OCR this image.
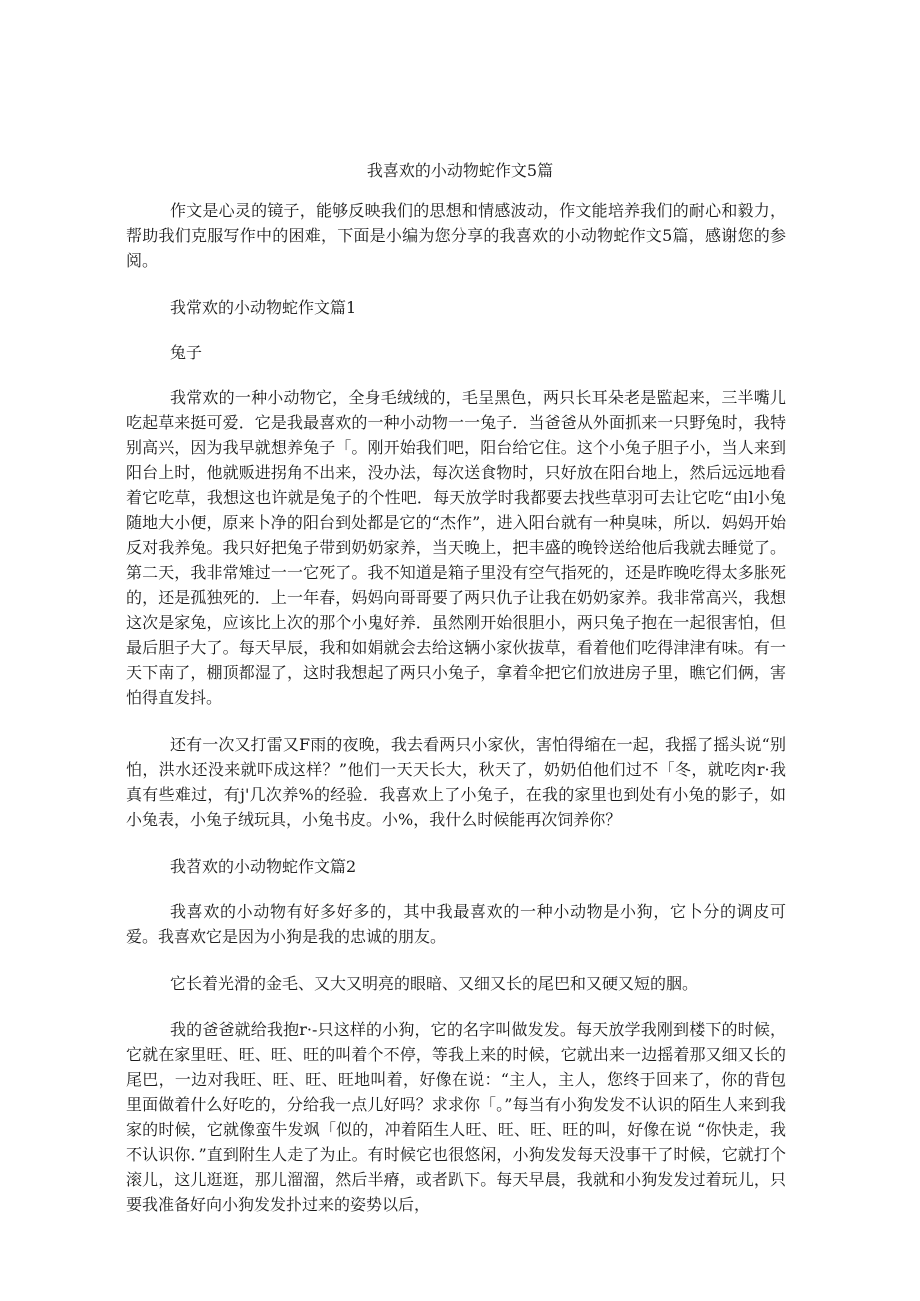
我喜欢的小动物蛇作文5篇

作文是心灵的镜子，能够反映我们的思想和情感波动，作文能培养我们的耐心和毅力，帮助我们克服写作中的困难，下面是小编为您分享的我喜欢的小动物蛇作文5篇，感谢您的参阅。

我常欢的小动物蛇作文篇1

兔子

我常欢的一种小动物它，全身毛绒绒的，毛呈黑色，两只长耳朵老是監起来，三半嘴儿吃起草来挺可爱．它是我最喜欢的一种小动物一一兔子．当爸爸从外面抓来一只野兔时，我特别高兴，因为我早就想养兔子「。刚开始我们吧，阳台给它住。这个小兔子胆子小，当人来到阳台上时，他就贩进拐角不出来，没办法，每次送食物时，只好放在阳台地上，然后远远地看着它吃草，我想这也许就是兔子的个性吧．每天放学时我都要去找些草羽可去让它吃“由l小兔随地大小便，原来卜净的阳台到处都是它的“杰作”，进入阳台就有一种臭味，所以．妈妈开始反对我养兔。我只好把兔子带到奶奶家养，当天晚上，把丰盛的晚铃送给他后我就去睡觉了。第二天，我非常雉过一一它死了。我不知道是箱子里没有空气指死的，还是昨晚吃得太多胀死的，还是孤独死的．上一年春，妈妈向哥哥要了两只仇子让我在奶奶家养。我非常高兴，我想这次是家兔，应该比上次的那个小鬼好养．虽然刚开始很胆小，两只兔子抱在一起很害怕，但最后胆子大了。每天早辰，我和如娟就会去给这辆小家伙拔草，看着他们吃得津津有味。有一天下南了，棚顶都湿了，这时我想起了两只小兔子，拿着伞把它们放进房子里，瞧它们俩，害怕得直发抖。

还有一次又打雷又F雨的夜晚，我去看两只小家伙，害怕得缩在一起，我摇了摇头说“别怕，洪水还没来就吓成这样？”他们一天天长大，秋天了，奶奶伯他们过不「冬，就吃肉r·我真有些难过，有j'几次养%的经验．我喜欢上了小兔子，在我的家里也到处有小兔的影子，如小兔表，小兔子绒玩具，小兔书皮。小%，我什么时候能再次饲养你？

我苕欢的小动物蛇作文篇2

我喜欢的小动物有好多好多的，其中我最喜欢的一种小动物是小狗，它卜分的调皮可爱。我喜欢它是因为小狗是我的忠诚的朋友。

它长着光滑的金毛、又大又明亮的眼暗、又细又长的尾巴和又硬又短的胭。

我的爸爸就给我抱r·-只这样的小狗，它的名字叫做发发。每天放学我刚到楼下的时候，它就在家里旺、旺、旺、旺的叫着个不停，等我上来的时候，它就出来一边摇着那又细又长的尾巴，一边对我旺、旺、旺、旺地叫着，好像在说：“主人，主人，您终于回来了，你的背包里面做着什么好吃的，分给我一点儿好吗？求求你「。”每当有小狗发发不认识的陌生人来到我家的时候，它就像蛮牛发飒「似的，冲着陌生人旺、旺、旺、旺的叫，好像在说 “你快走，我不认识你．”直到附生人走了为止。有时候它也很悠闲，小狗发发每天没事干了时候，它就打个滚儿，这儿逛逛，那儿溜溜，然后半瘠，或者趴下。每天早晨，我就和小狗发发过着玩儿，只要我准备好向小狗发发扑过来的姿势以后，
